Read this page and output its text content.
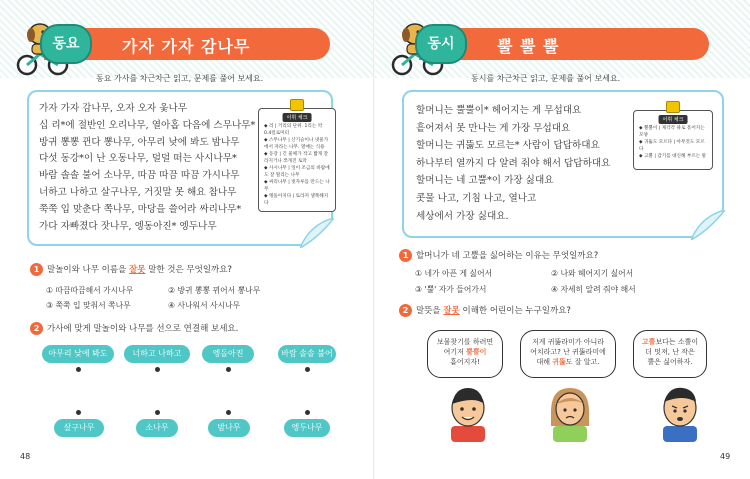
가자 가자 감나무
동요
동요 가사를 차근차근 읽고, 문제를 풀어 보세요.
가자 가자 감나무, 오자 오자 옻나무
십 리*에 절반인 오리나무, 열아홉 다음에 스무나무*
방귀 뽕뽕 뀐다 뽕나무, 아무리 낮에 봐도 밤나무
다섯 동강*이 난 오동나무, 덜덜 떠는 사시나무*
바람 솔솔 불어 소나무, 따끔 따끔 따끔 가시나무
너하고 나하고 살구나무, 거짓말 못 해요 참나무
쭉쭉 입 맞춘다 쪽나무, 마당을 쓸어라 싸리나무*
가다 자빠졌다 잣나무, 엥동아진* 엥두나무
어휘 체크
◆ 리 | 거리의 단위. 1리는 약 0.4킬로미터
◆ 스무나무 | 산기슭이나 냇물가에서 자라는 나무. 열매는 식용
◆ 동강 | 긴 물체가 작고 짧게 잘라지거나 쪼개진 토막
◆ 사시나무 | 잎이 조금의 바람에도 잘 떨리는 나무
◆ 싸리나무 | 빗자루를 만드는 나무
◆ 엥돌아지다 | 토라져 샐쭉해지다
1 말놀이와 나무 이름을 잘못 말한 것은 무엇일까요?
① 따끔따끔해서 가시나무	② 방귀 뽕뽕 뀌어서 뽕나무
③ 쭉쭉 입 맞춰서 쪽나무	④ 사나워서 사시나무
2 가사에 맞게 말놀이와 나무를 선으로 연결해 보세요.
아무리 낮에 봐도	너하고 나하고	엥돌아진	바람 솔솔 불어
살구나무	소나무	밤나무	엥두나무
48
뿔 뿔 뿔
동시
동시를 차근차근 읽고, 문제를 풀어 보세요.
할머니는 뿔뿔이* 헤어지는 게 무섭대요
흩어져서 못 만나는 게 가장 무섭대요
할머니는 귀뚫도 모르는* 사람이 답답하대요
하나부터 열까지 다 알려 줘야 해서 답답하대요
할머니는 네 고뿔*이 가장 싫대요
콧물 나고, 기침 나고, 열나고
세상에서 가장 싫대요.
어휘 체크
◆ 뿔뿔이 | 제각각 따로 흩어지는 모양
◆ 귀뚫도 모르다 | 아무것도 모르다
◆ 고뿔 | 감기를 대신해 부르는 말
1 할머니가 네 고뿔을 싫어하는 이유는 무엇일까요?
① 네가 아픈 게 싫어서	② 나와 헤어지기 싫어서
③ '뿔' 자가 들어가서	④ 자세히 알려 줘야 해서
2 말뜻을 잘못 이해한 어린이는 누구일까요?
보물찾기를 하려면
여기저 뿔뿔이
흩어지자!
저게 귀뚫라미가 아니라
여치라고? 난 귀뚫라미에
대해 귀뚫도 잘 알고.
고뿔보다는 소뿔이
더 멋져, 난 작은
뿔은 싫어하자.
49
